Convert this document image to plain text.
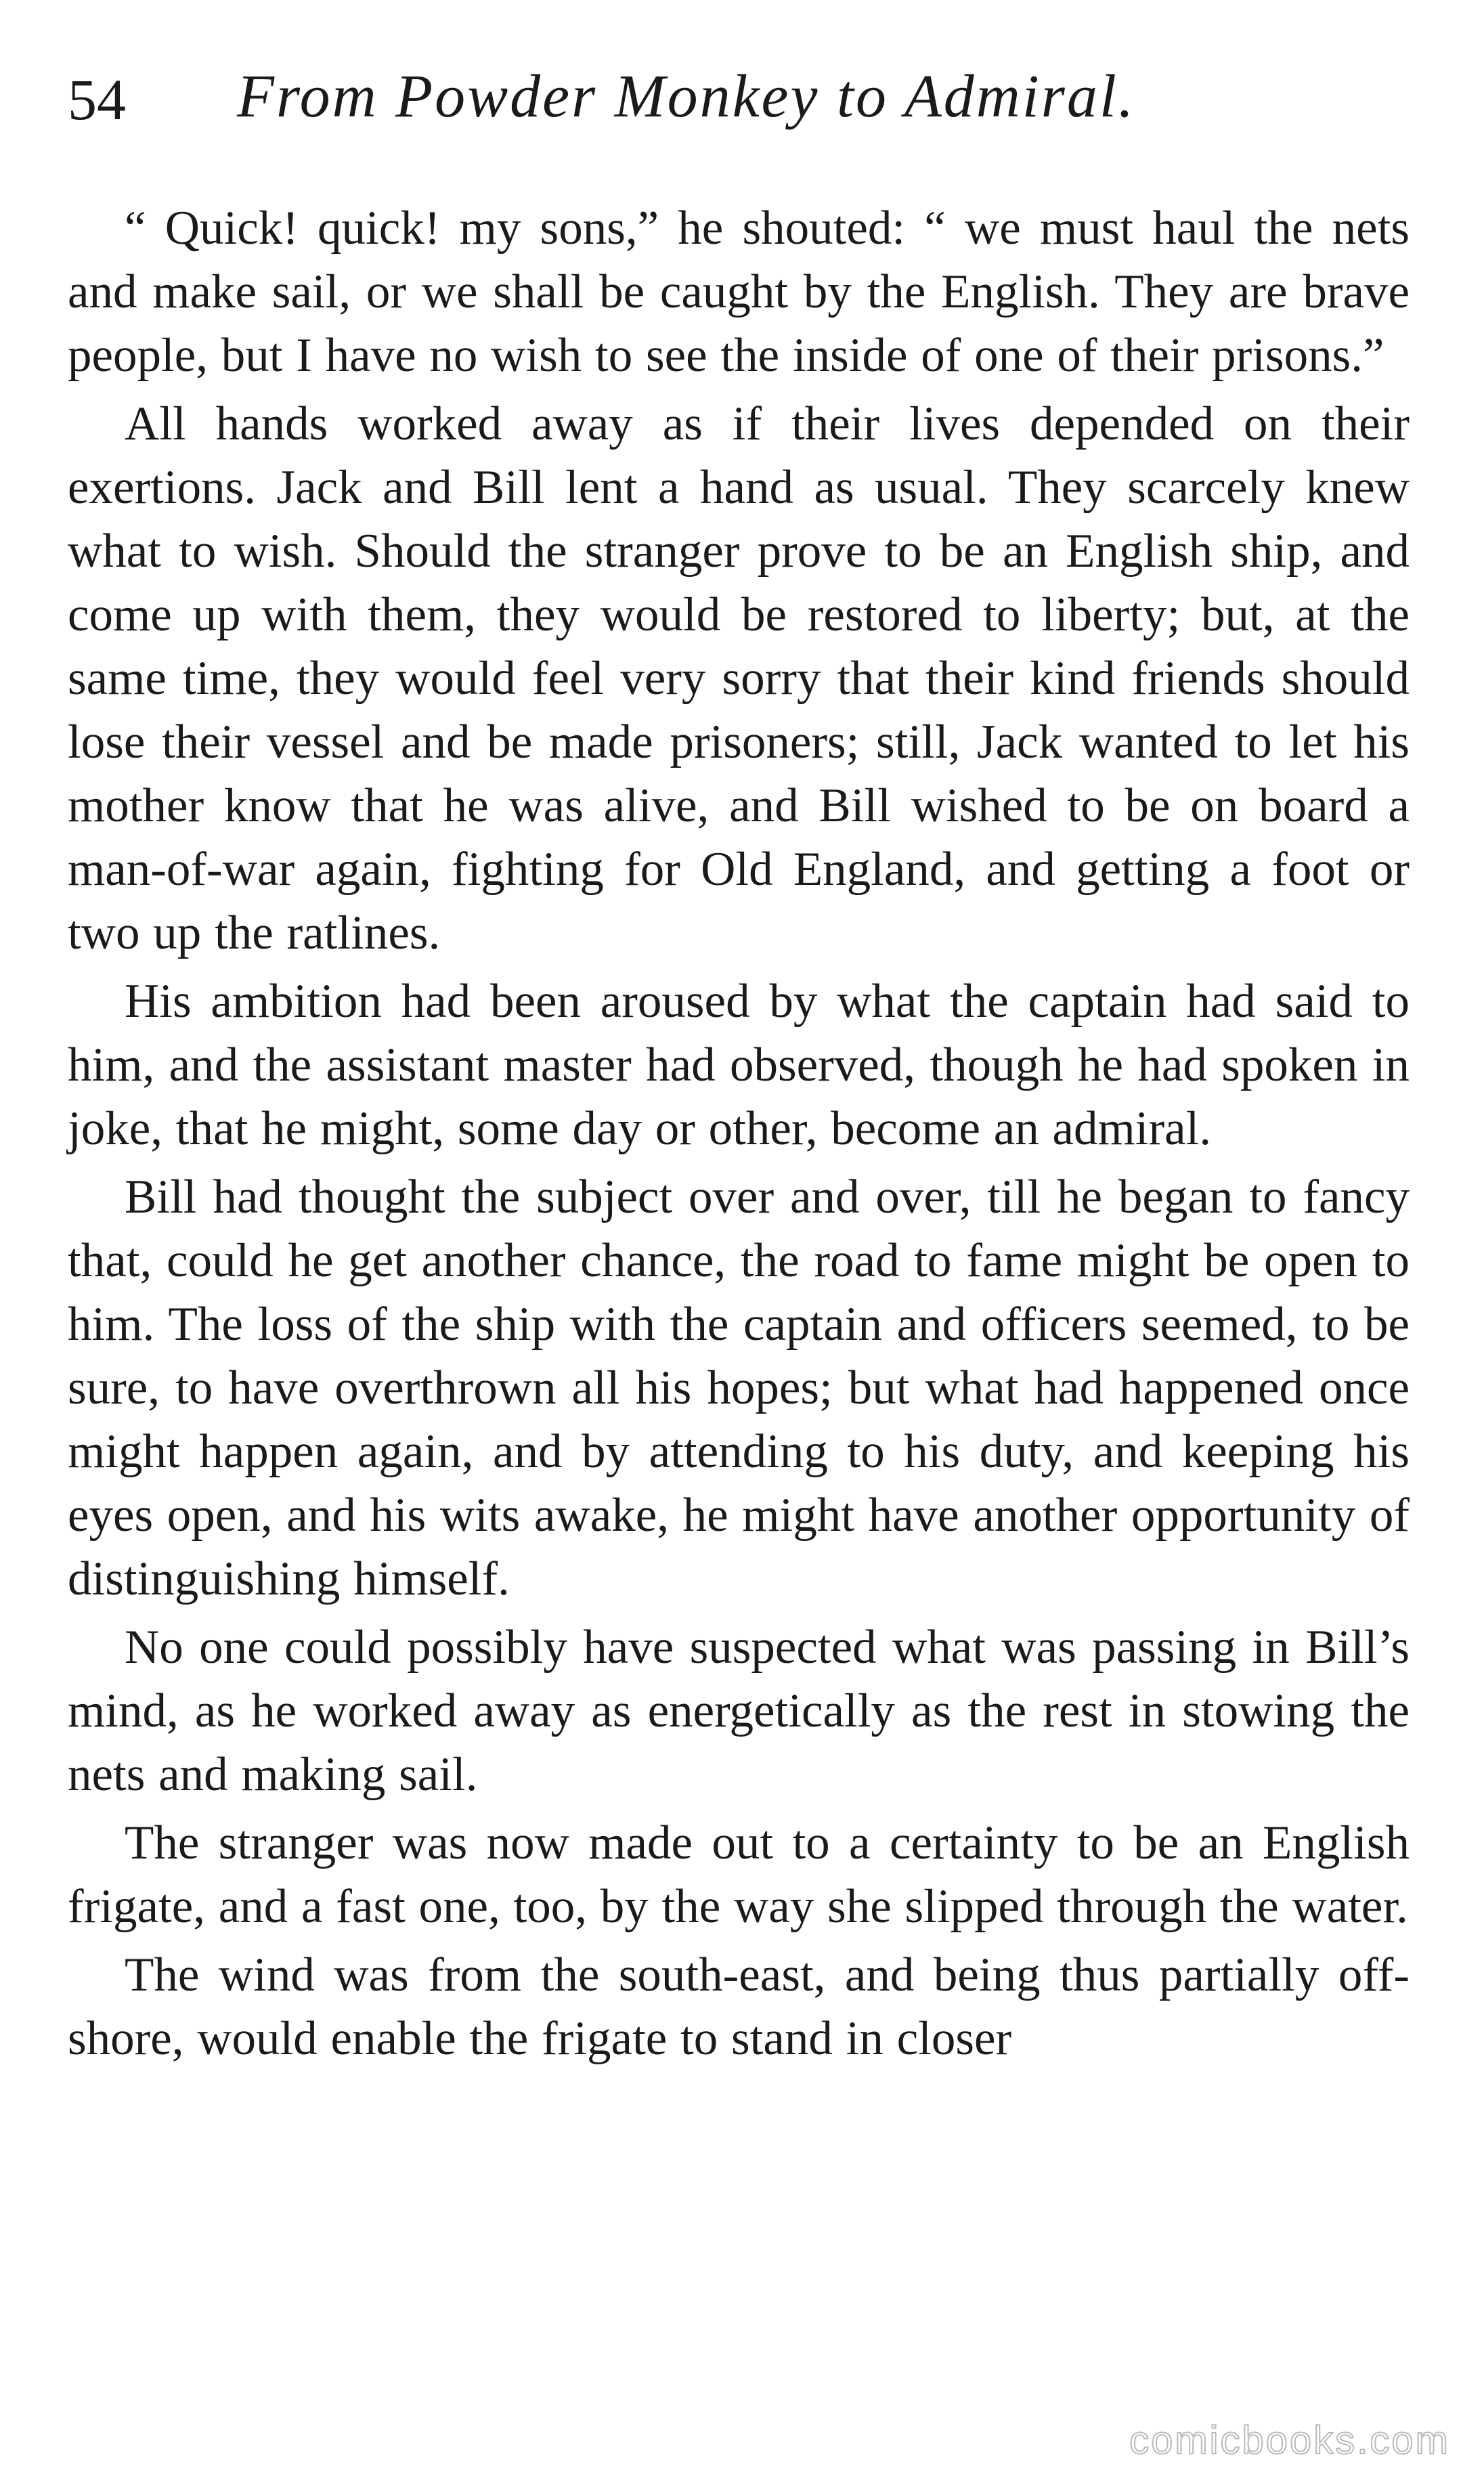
54 From Powder Monkey to Admiral.

“ Quick! quick! my sons,” he shouted: “ we must haul the nets and make sail, or we shall be caught by the English. They are brave people, but I have no wish to see the inside of one of their prisons.”

All hands worked away as if their lives depended on their exertions. Jack and Bill lent a hand as usual. They scarcely knew what to wish. Should the stranger prove to be an English ship, and come up with them, they would be restored to liberty; but, at the same time, they would feel very sorry that their kind friends should lose their vessel and be made prisoners; still, Jack wanted to let his mother know that he was alive, and Bill wished to be on board a man-of-war again, fighting for Old England, and getting a foot or two up the ratlines.

His ambition had been aroused by what the captain had said to him, and the assistant master had observed, though he had spoken in joke, that he might, some day or other, become an admiral.

Bill had thought the subject over and over, till he began to fancy that, could he get another chance, the road to fame might be open to him. The loss of the ship with the captain and officers seemed, to be sure, to have overthrown all his hopes; but what had happened once might happen again, and by attending to his duty, and keeping his eyes open, and his wits awake, he might have another opportunity of distinguishing himself.

No one could possibly have suspected what was passing in Bill’s mind, as he worked away as energetically as the rest in stowing the nets and making sail.

The stranger was now made out to a certainty to be an English frigate, and a fast one, too, by the way she slipped through the water.

The wind was from the south-east, and being thus partially off-shore, would enable the frigate to stand in closer

comicbooks.com
